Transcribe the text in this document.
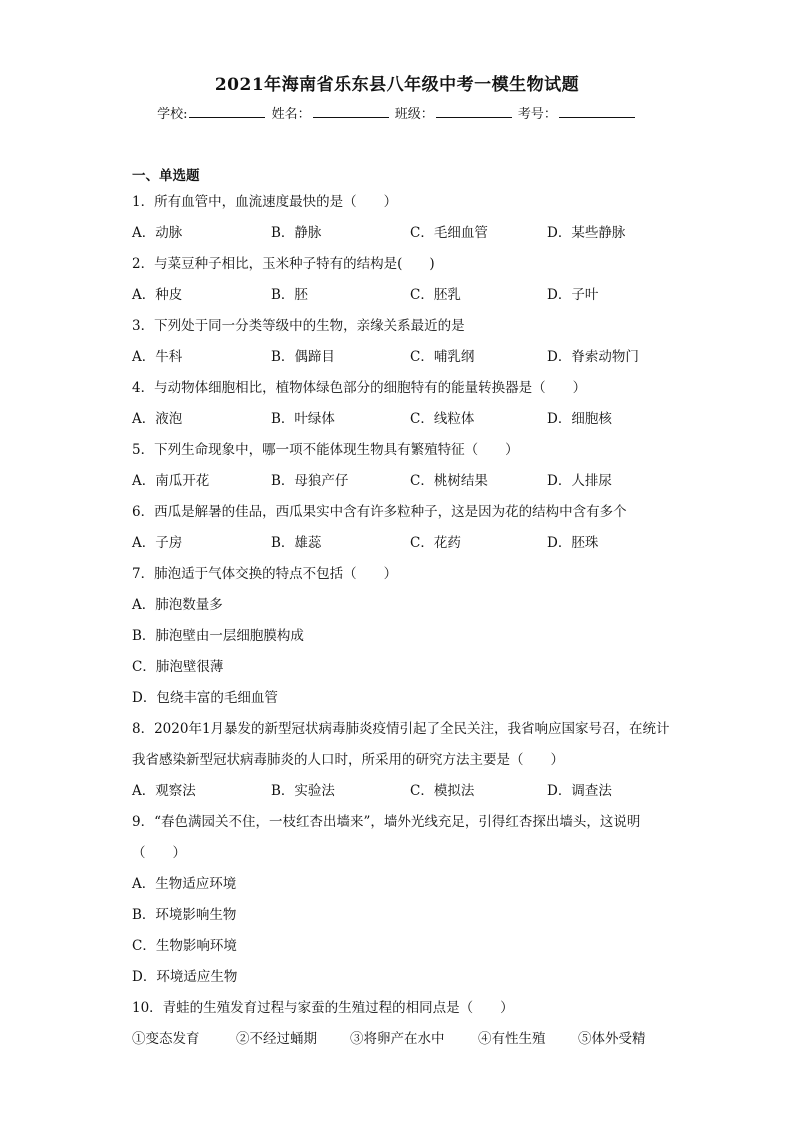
2021年海南省乐东县八年级中考一模生物试题
学校:	姓名：	班级：	考号：
一、单选题
1．所有血管中，血流速度最快的是（　　）
A．动脉	B．静脉	C．毛细血管	D．某些静脉
2．与菜豆种子相比，玉米种子特有的结构是(　　)
A．种皮	B．胚	C．胚乳	D．子叶
3．下列处于同一分类等级中的生物，亲缘关系最近的是
A．牛科	B．偶蹄目	C．哺乳纲	D．脊索动物门
4．与动物体细胞相比，植物体绿色部分的细胞特有的能量转换器是（　　）
A．液泡	B．叶绿体	C．线粒体	D．细胞核
5．下列生命现象中，哪一项不能体现生物具有繁殖特征（　　）
A．南瓜开花	B．母狼产仔	C．桃树结果	D．人排尿
6．西瓜是解暑的佳品，西瓜果实中含有许多粒种子，这是因为花的结构中含有多个
A．子房	B．雄蕊	C．花药	D．胚珠
7．肺泡适于气体交换的特点不包括（　　）
A．肺泡数量多
B．肺泡壁由一层细胞膜构成
C．肺泡壁很薄
D．包绕丰富的毛细血管
8．2020年1月暴发的新型冠状病毒肺炎疫情引起了全民关注，我省响应国家号召，在统计我省感染新型冠状病毒肺炎的人口时，所采用的研究方法主要是（　　）
A．观察法	B．实验法	C．模拟法	D．调查法
9．“春色满园关不住，一枝红杏出墙来”，墙外光线充足，引得红杏探出墙头，这说明（　　）
A．生物适应环境
B．环境影响生物
C．生物影响环境
D．环境适应生物
10．青蛙的生殖发育过程与家蚕的生殖过程的相同点是（　　）
①变态发育	②不经过蛹期 ③将卵产在水中 ④有性生殖 ⑤体外受精
